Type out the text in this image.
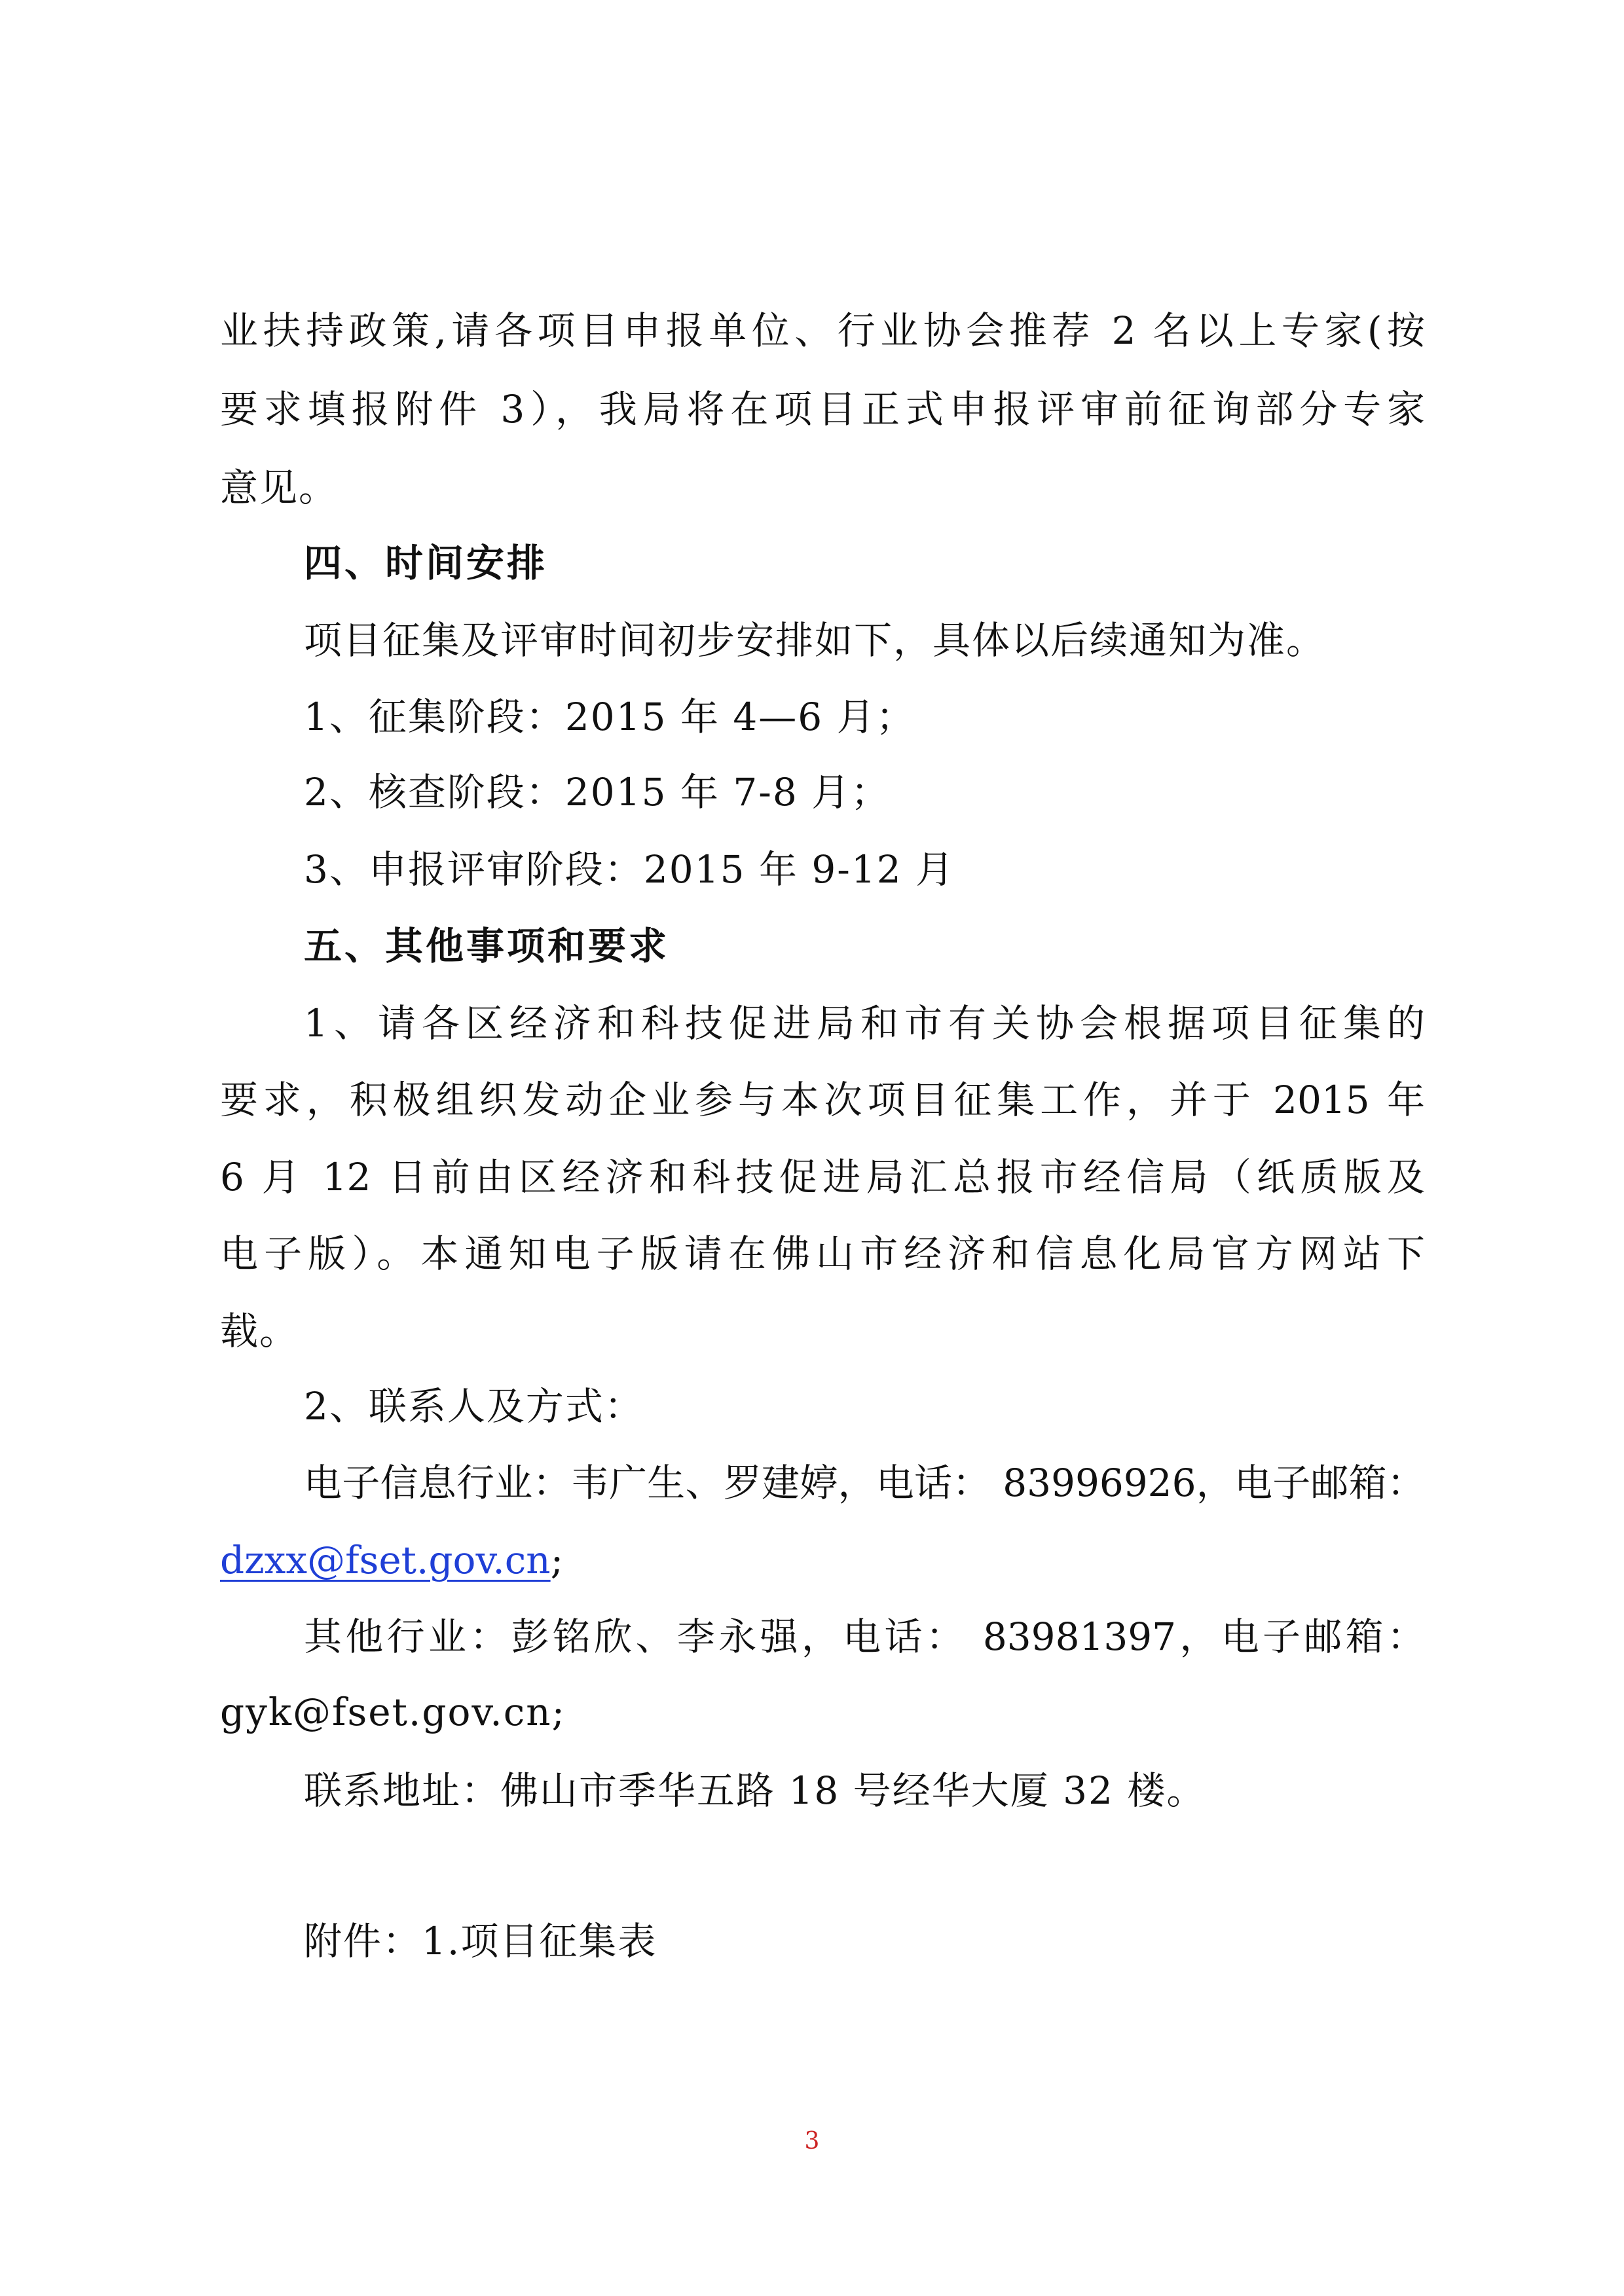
业扶持政策,请各项目申报单位、行业协会推荐 2 名以上专家(按
要求填报附件 3），我局将在项目正式申报评审前征询部分专家
意见。
四、时间安排
项目征集及评审时间初步安排如下，具体以后续通知为准。
1、征集阶段：2015 年 4—6 月；
2、核查阶段：2015 年 7-8 月；
3、申报评审阶段：2015 年 9-12 月
五、其他事项和要求
1、请各区经济和科技促进局和市有关协会根据项目征集的
要求，积极组织发动企业参与本次项目征集工作，并于 2015 年
6 月 12 日前由区经济和科技促进局汇总报市经信局（纸质版及
电子版）。本通知电子版请在佛山市经济和信息化局官方网站下
载。
2、联系人及方式：
电子信息行业：韦广生、罗建婷，电话： 83996926，电子邮箱：
dzxx@fset.gov.cn;
其他行业：彭铭欣、李永强，电话： 83981397，电子邮箱：
gyk@fset.gov.cn;
联系地址：佛山市季华五路 18 号经华大厦 32 楼。
附件：1.项目征集表
3
